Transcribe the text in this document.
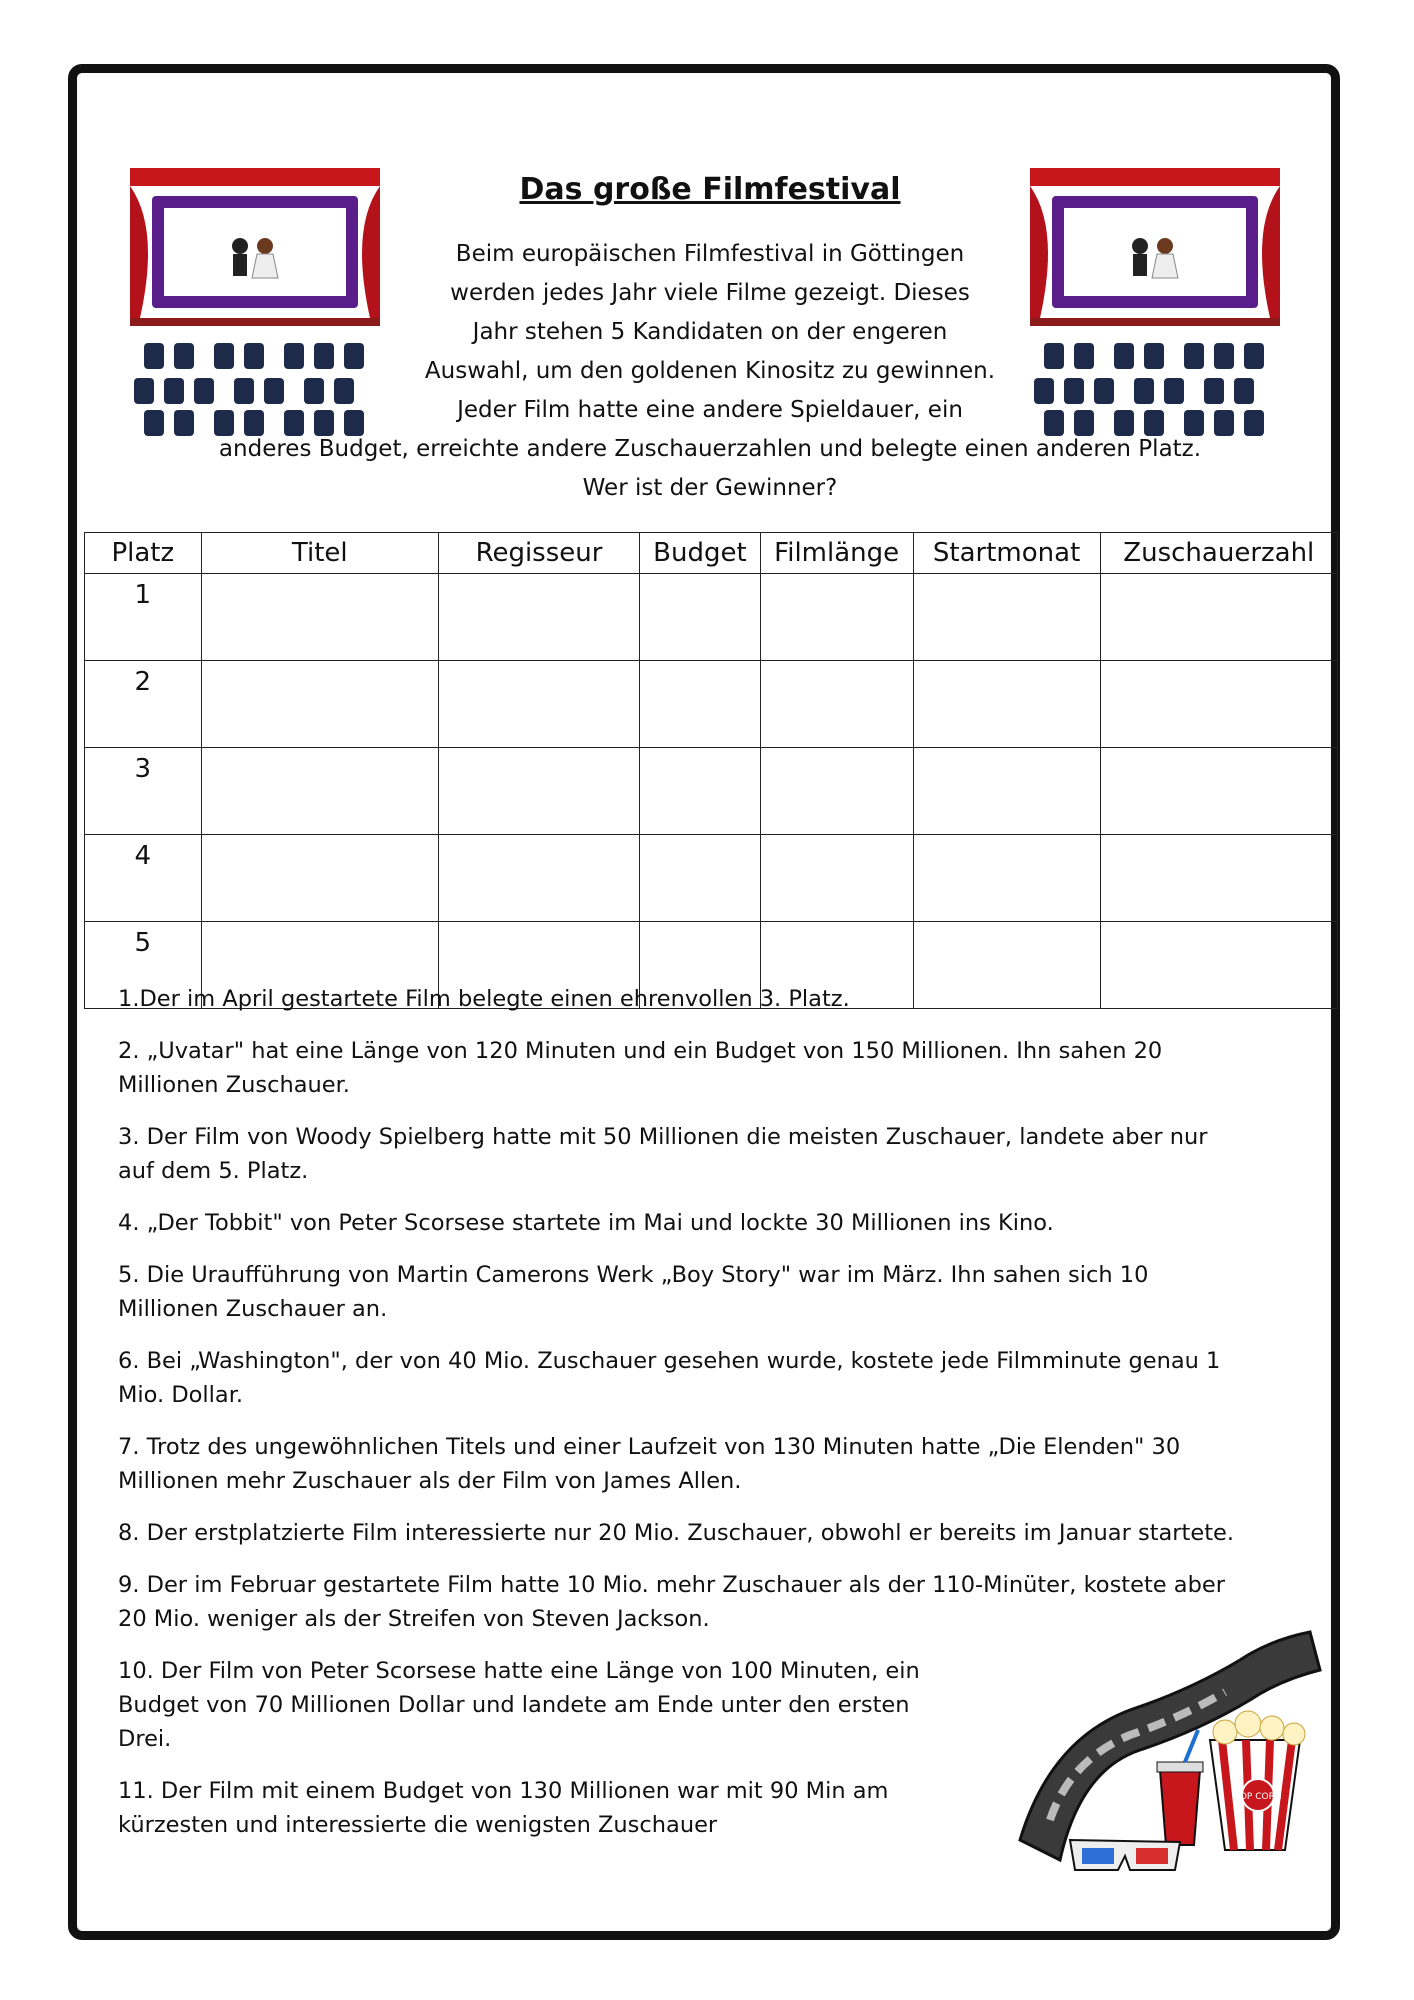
Das große Filmfestival
Beim europäischen Filmfestival in Göttingen
werden jedes Jahr viele Filme gezeigt. Dieses
Jahr stehen 5 Kandidaten on der engeren
Auswahl, um den goldenen Kinositz zu gewinnen.
Jeder Film hatte eine andere Spieldauer, ein
anderes Budget, erreichte andere Zuschauerzahlen und belegte einen anderen Platz.
Wer ist der Gewinner?
Platz	Titel	Regisseur	Budget	Filmlänge	Startmonat	Zuschauerzahl
1						
2						
3						
4						
5						

1.Der im April gestartete Film belegte einen ehrenvollen 3. Platz.

2. „Uvatar" hat eine Länge von 120 Minuten und ein Budget von 150 Millionen. Ihn sahen 20 Millionen Zuschauer.

3. Der Film von Woody Spielberg hatte mit 50 Millionen die meisten Zuschauer, landete aber nur auf dem 5. Platz.

4. „Der Tobbit" von Peter Scorsese startete im Mai und lockte 30 Millionen ins Kino.

5. Die Uraufführung von Martin Camerons Werk „Boy Story" war im März. Ihn sahen sich 10 Millionen Zuschauer an.

6. Bei „Washington", der von 40 Mio. Zuschauer gesehen wurde, kostete jede Filmminute genau 1 Mio. Dollar.

7. Trotz des ungewöhnlichen Titels und einer Laufzeit von 130 Minuten hatte „Die Elenden" 30 Millionen mehr Zuschauer als der Film von James Allen.

8. Der erstplatzierte Film interessierte nur 20 Mio. Zuschauer, obwohl er bereits im Januar startete.

9. Der im Februar gestartete Film hatte 10 Mio. mehr Zuschauer als der 110-Minüter, kostete aber 20 Mio. weniger als der Streifen von Steven Jackson.

10. Der Film von Peter Scorsese hatte eine Länge von 100 Minuten, ein Budget von 70 Millionen Dollar und landete am Ende unter den ersten Drei.

11. Der Film mit einem Budget von 130 Millionen war mit 90 Min am kürzesten und interessierte die wenigsten Zuschauer

POP CORN
